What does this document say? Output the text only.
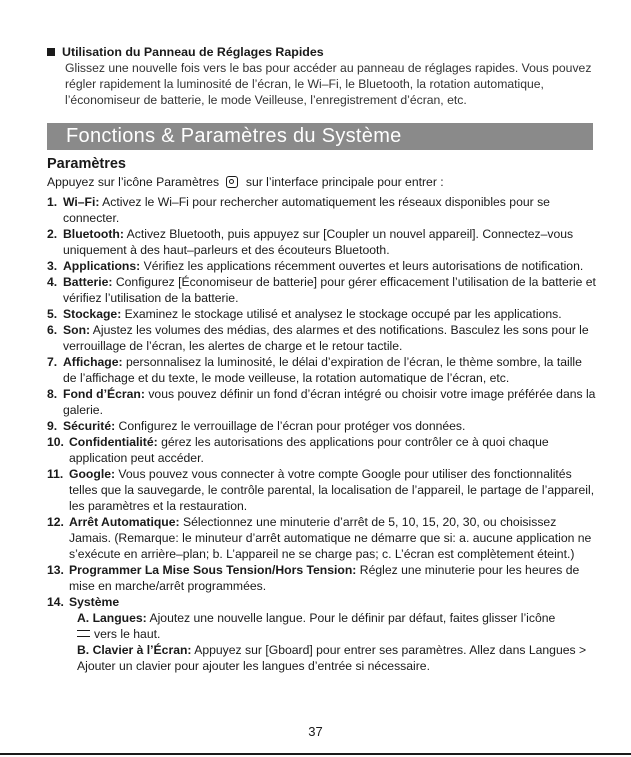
Utilisation du Panneau de Réglages Rapides
Glissez une nouvelle fois vers le bas pour accéder au panneau de réglages rapides. Vous pouvez régler rapidement la luminosité de l’écran, le Wi–Fi, le Bluetooth, la rotation automatique, l’économiseur de batterie, le mode Veilleuse, l’enregistrement d’écran, etc.
Fonctions & Paramètres du Système
Paramètres
Appuyez sur l’icône Paramètres sur l’interface principale pour entrer :
1. Wi–Fi: Activez le Wi–Fi pour rechercher automatiquement les réseaux disponibles pour se connecter.
2. Bluetooth: Activez Bluetooth, puis appuyez sur [Coupler un nouvel appareil]. Connectez–vous uniquement à des haut–parleurs et des écouteurs Bluetooth.
3. Applications: Vérifiez les applications récemment ouvertes et leurs autorisations de notification.
4. Batterie: Configurez [Économiseur de batterie] pour gérer efficacement l’utilisation de la batterie et vérifiez l’utilisation de la batterie.
5. Stockage: Examinez le stockage utilisé et analysez le stockage occupé par les applications.
6. Son: Ajustez les volumes des médias, des alarmes et des notifications. Basculez les sons pour le verrouillage de l’écran, les alertes de charge et le retour tactile.
7. Affichage: personnalisez la luminosité, le délai d’expiration de l’écran, le thème sombre, la taille de l’affichage et du texte, le mode veilleuse, la rotation automatique de l’écran, etc.
8. Fond d’Écran: vous pouvez définir un fond d’écran intégré ou choisir votre image préférée dans la galerie.
9. Sécurité: Configurez le verrouillage de l’écran pour protéger vos données.
10. Confidentialité: gérez les autorisations des applications pour contrôler ce à quoi chaque application peut accéder.
11. Google: Vous pouvez vous connecter à votre compte Google pour utiliser des fonctionnalités telles que la sauvegarde, le contrôle parental, la localisation de l’appareil, le partage de l’appareil, les paramètres et la restauration.
12. Arrêt Automatique: Sélectionnez une minuterie d’arrêt de 5, 10, 15, 20, 30, ou choisissez Jamais. (Remarque: le minuteur d’arrêt automatique ne démarre que si: a. aucune application ne s’exécute en arrière–plan; b. L’appareil ne se charge pas; c. L’écran est complètement éteint.)
13. Programmer La Mise Sous Tension/Hors Tension: Réglez une minuterie pour les heures de mise en marche/arrêt programmées.
14. Système
A. Langues: Ajoutez une nouvelle langue. Pour le définir par défaut, faites glisser l’icône
vers le haut.
B. Clavier à l’Écran: Appuyez sur [Gboard] pour entrer ses paramètres. Allez dans Langues > Ajouter un clavier pour ajouter les langues d’entrée si nécessaire.
37
